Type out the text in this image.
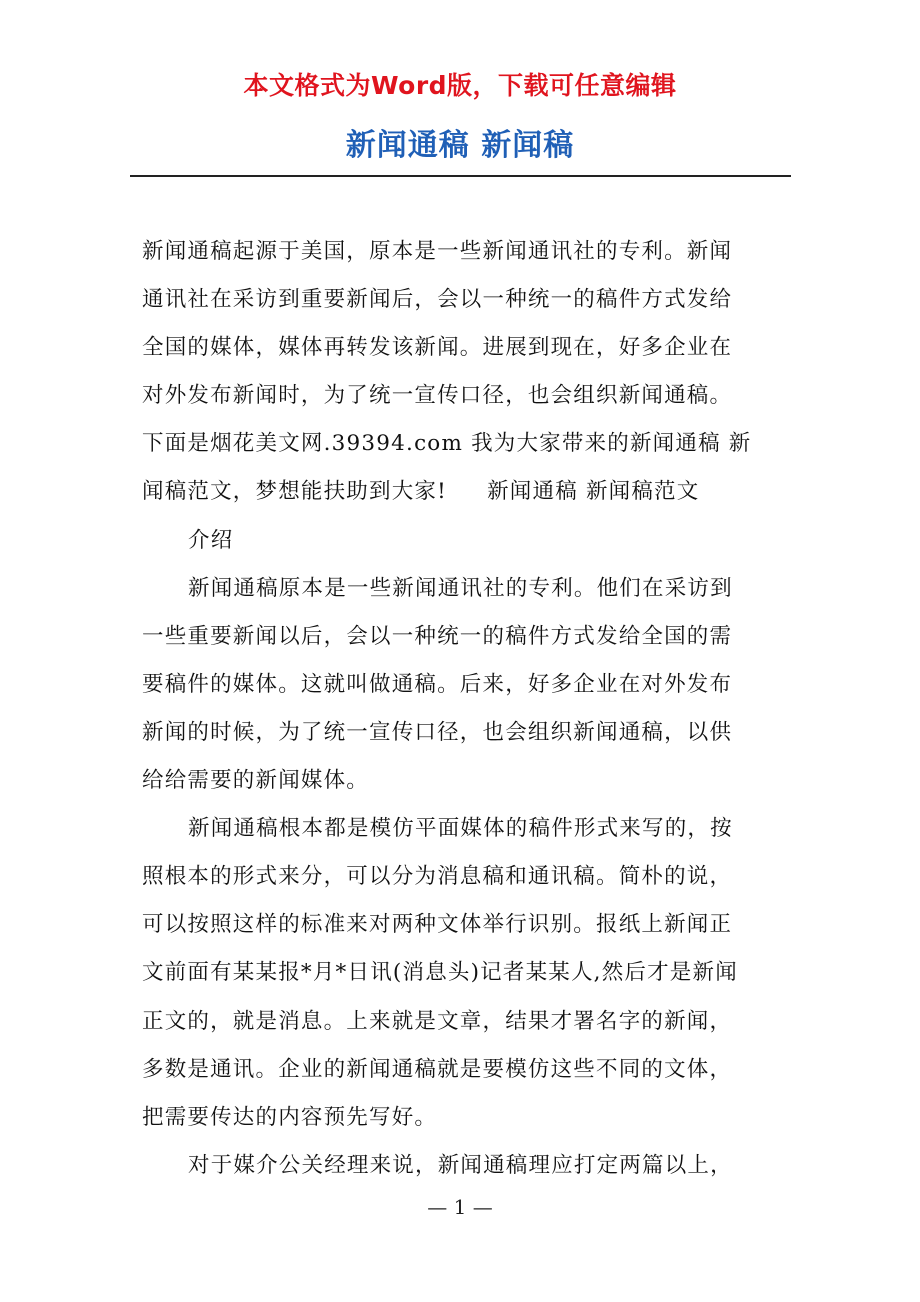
本文格式为Word版，下载可任意编辑
新闻通稿 新闻稿
新闻通稿起源于美国，原本是一些新闻通讯社的专利。新闻
通讯社在采访到重要新闻后，会以一种统一的稿件方式发给
全国的媒体，媒体再转发该新闻。进展到现在，好多企业在
对外发布新闻时，为了统一宣传口径，也会组织新闻通稿。
下面是烟花美文网.39394.com 我为大家带来的新闻通稿 新
闻稿范文，梦想能扶助到大家!     新闻通稿 新闻稿范文
介绍
新闻通稿原本是一些新闻通讯社的专利。他们在采访到
一些重要新闻以后，会以一种统一的稿件方式发给全国的需
要稿件的媒体。这就叫做通稿。后来，好多企业在对外发布
新闻的时候，为了统一宣传口径，也会组织新闻通稿，以供
给给需要的新闻媒体。
新闻通稿根本都是模仿平面媒体的稿件形式来写的，按
照根本的形式来分，可以分为消息稿和通讯稿。简朴的说，
可以按照这样的标准来对两种文体举行识别。报纸上新闻正
文前面有某某报*月*日讯(消息头)记者某某人,然后才是新闻
正文的，就是消息。上来就是文章，结果才署名字的新闻，
多数是通讯。企业的新闻通稿就是要模仿这些不同的文体，
把需要传达的内容预先写好。
对于媒介公关经理来说，新闻通稿理应打定两篇以上，
— 1 —
